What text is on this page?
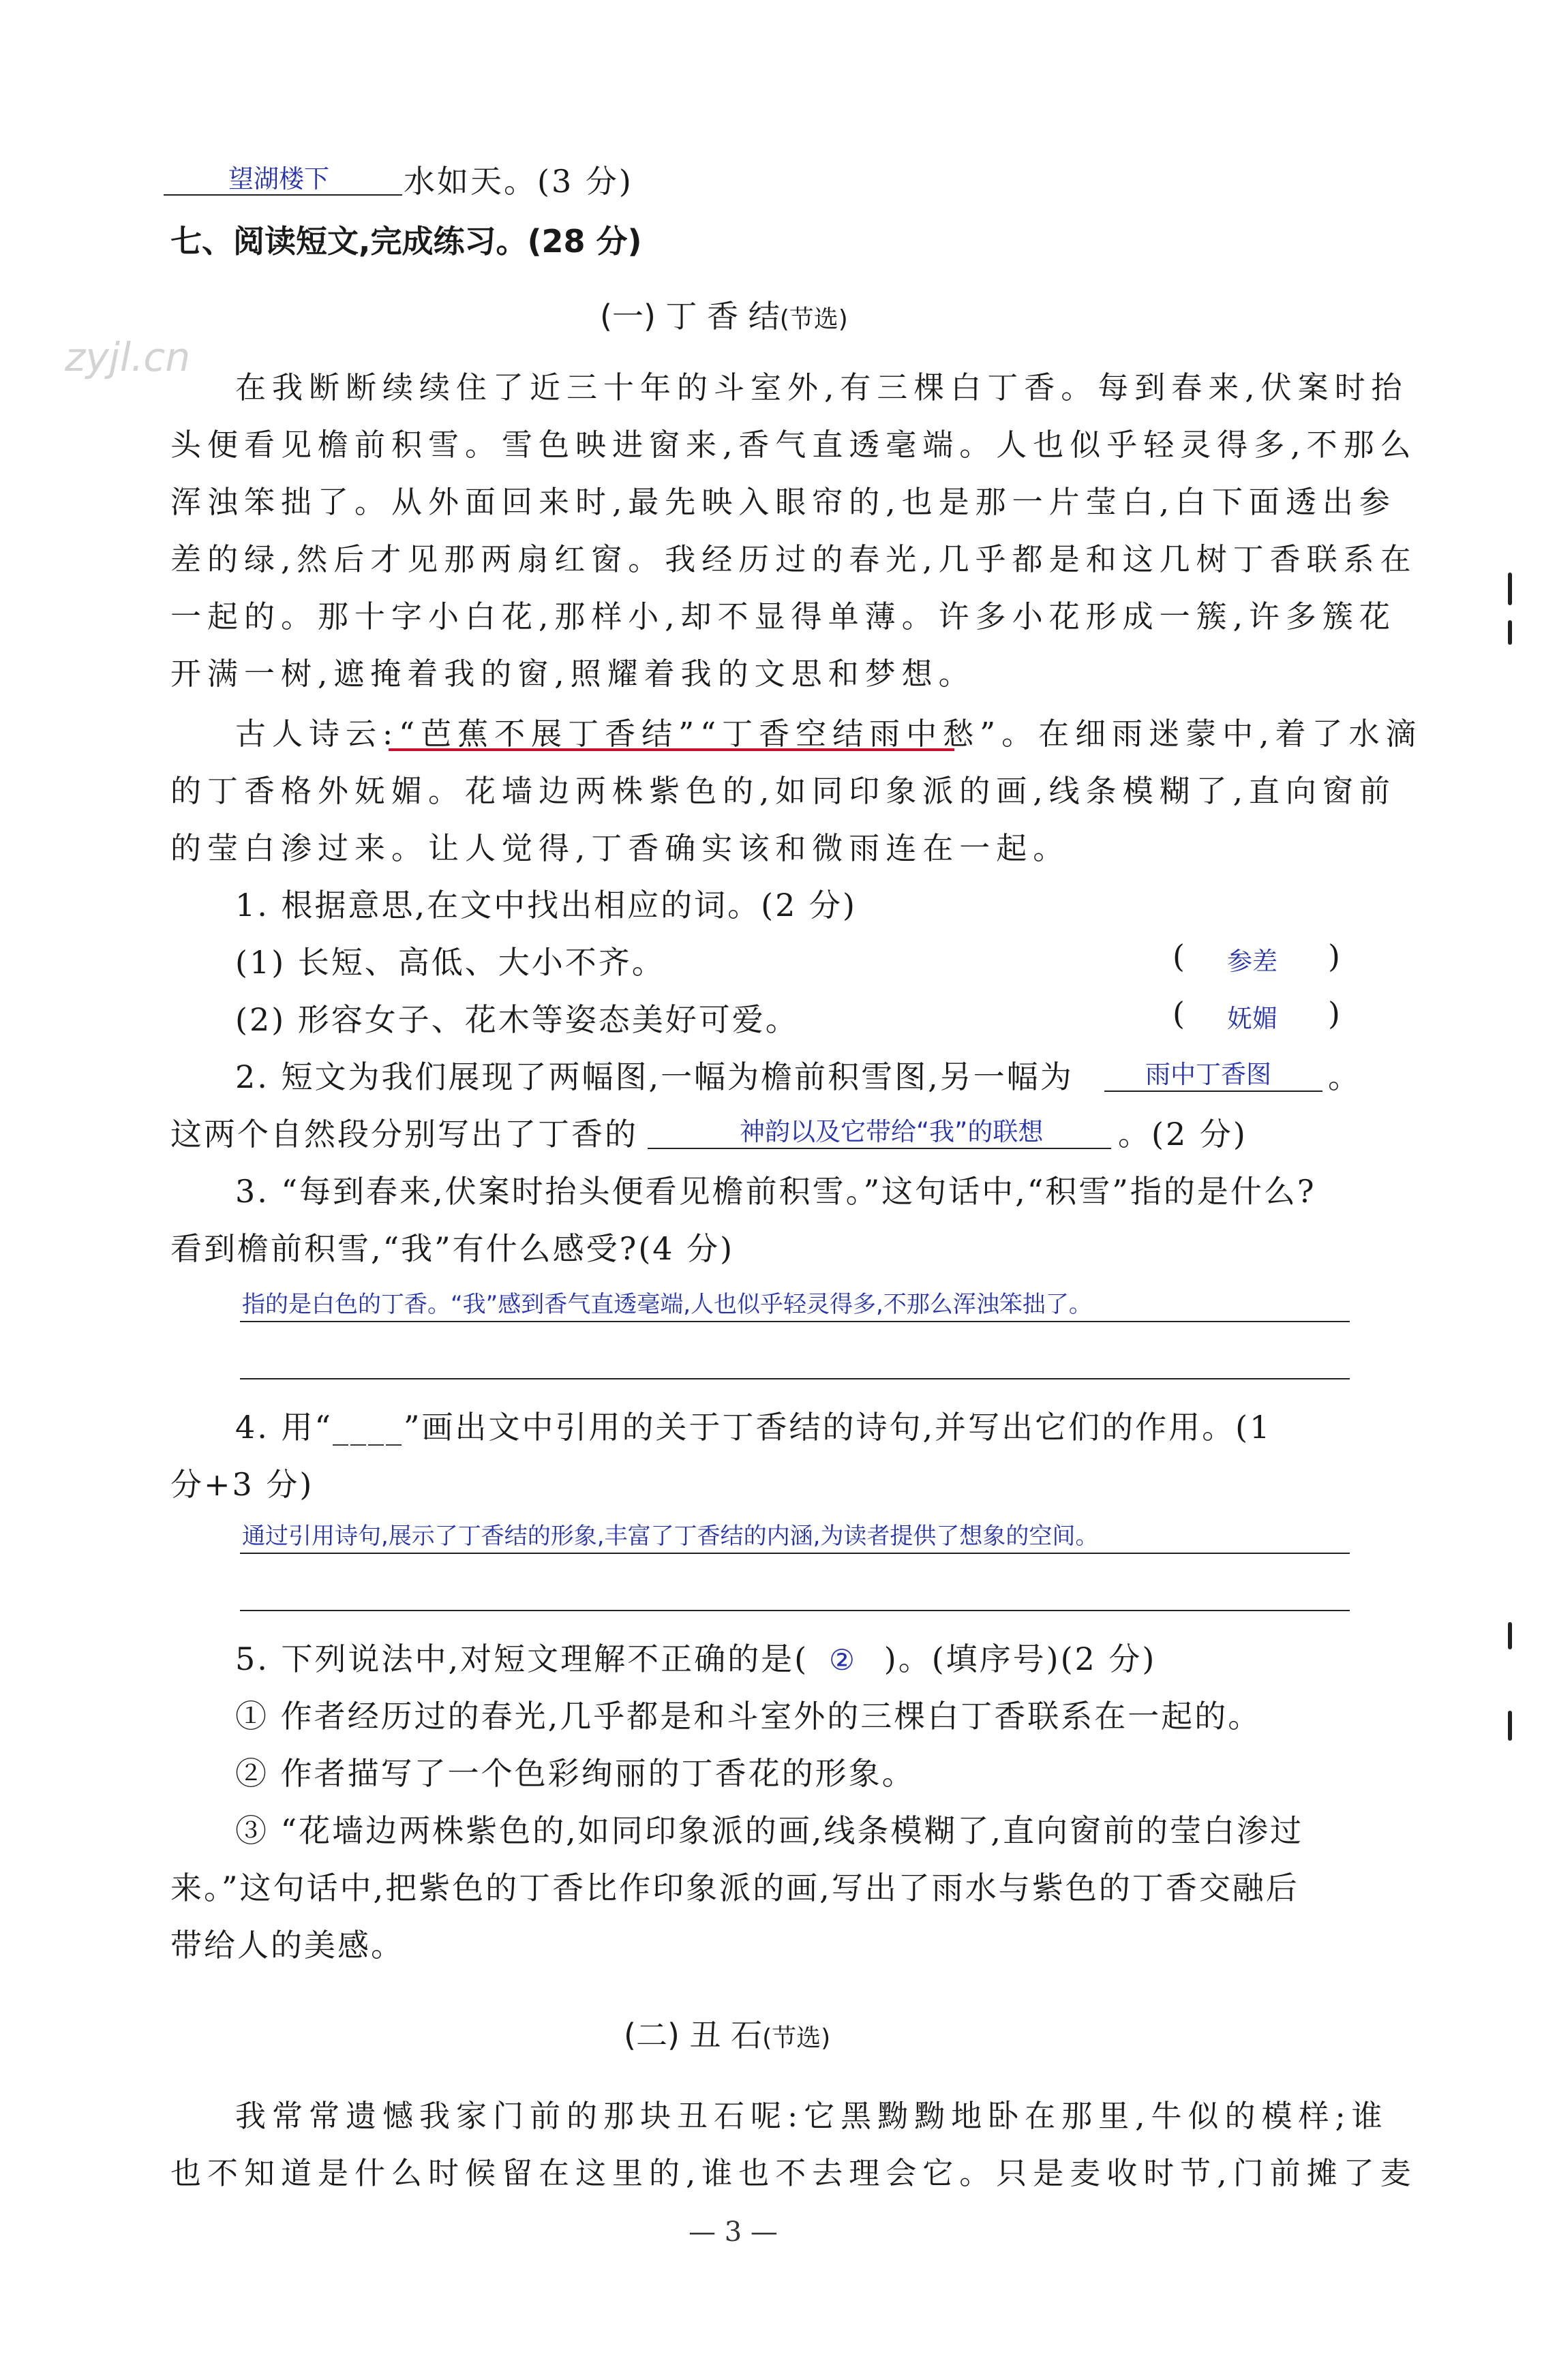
zyjl.cn
望湖楼下 水如天。(3 分)
七、阅读短文,完成练习。(28 分)
(一) 丁 香 结(节选)
在我断断续续住了近三十年的斗室外,有三棵白丁香。每到春来,伏案时抬
头便看见檐前积雪。雪色映进窗来,香气直透毫端。人也似乎轻灵得多,不那么
浑浊笨拙了。从外面回来时,最先映入眼帘的,也是那一片莹白,白下面透出参
差的绿,然后才见那两扇红窗。我经历过的春光,几乎都是和这几树丁香联系在
一起的。那十字小白花,那样小,却不显得单薄。许多小花形成一簇,许多簇花
开满一树,遮掩着我的窗,照耀着我的文思和梦想。
古人诗云:“芭蕉不展丁香结”“丁香空结雨中愁”。在细雨迷蒙中,着了水滴
的丁香格外妩媚。花墙边两株紫色的,如同印象派的画,线条模糊了,直向窗前
的莹白渗过来。让人觉得,丁香确实该和微雨连在一起。
1. 根据意思,在文中找出相应的词。(2 分)
(1) 长短、高低、大小不齐。	( 参差 )
(2) 形容女子、花木等姿态美好可爱。	( 妩媚 )
2. 短文为我们展现了两幅图,一幅为檐前积雪图,另一幅为	雨中丁香图 。
这两个自然段分别写出了丁香的	神韵以及它带给“我”的联想 。(2 分)
3. “每到春来,伏案时抬头便看见檐前积雪。”这句话中,“积雪”指的是什么?
看到檐前积雪,“我”有什么感受?(4 分)
指的是白色的丁香。“我”感到香气直透毫端,人也似乎轻灵得多,不那么浑浊笨拙了。
4. 用“____”画出文中引用的关于丁香结的诗句,并写出它们的作用。(1
分+3 分)
通过引用诗句,展示了丁香结的形象,丰富了丁香结的内涵,为读者提供了想象的空间。
5. 下列说法中,对短文理解不正确的是( ② )。(填序号)(2 分)
① 作者经历过的春光,几乎都是和斗室外的三棵白丁香联系在一起的。
② 作者描写了一个色彩绚丽的丁香花的形象。
③ “花墙边两株紫色的,如同印象派的画,线条模糊了,直向窗前的莹白渗过
来。”这句话中,把紫色的丁香比作印象派的画,写出了雨水与紫色的丁香交融后
带给人的美感。
(二) 丑 石(节选)
我常常遗憾我家门前的那块丑石呢:它黑黝黝地卧在那里,牛似的模样;谁
也不知道是什么时候留在这里的,谁也不去理会它。只是麦收时节,门前摊了麦
— 3 —
